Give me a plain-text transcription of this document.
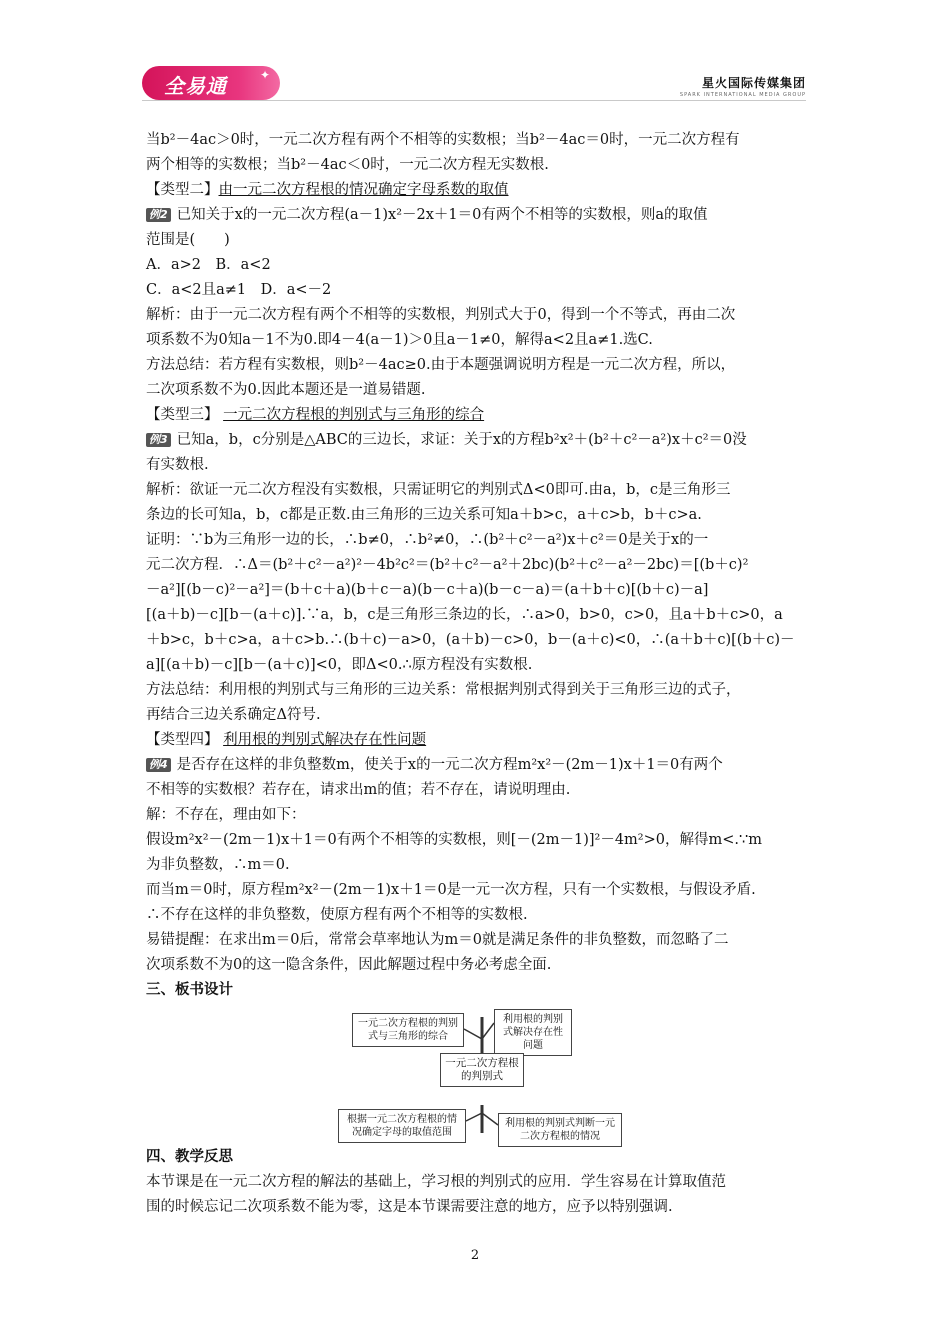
全易通	✦
星火国际传媒集团
SPARK INTERNATIONAL MEDIA GROUP

当b²－4ac＞0时，一元二次方程有两个不相等的实数根；当b²－4ac＝0时，一元二次方程有

两个相等的实数根；当b²－4ac＜0时，一元二次方程无实数根.

【类型二】由一元二次方程根的情况确定字母系数的取值

例2 已知关于x的一元二次方程(a－1)x²－2x＋1＝0有两个不相等的实数根，则a的取值

范围是(　　)

A．a>2　B．a<2

C．a<2且a≠1　D．a<－2

解析：由于一元二次方程有两个不相等的实数根，判别式大于0，得到一个不等式，再由二次

项系数不为0知a－1不为0.即4－4(a－1)＞0且a－1≠0，解得a<2且a≠1.选C.

方法总结：若方程有实数根，则b²－4ac≥0.由于本题强调说明方程是一元二次方程，所以，

二次项系数不为0.因此本题还是一道易错题.

【类型三】 一元二次方程根的判别式与三角形的综合

例3 已知a，b，c分别是△ABC的三边长，求证：关于x的方程b²x²＋(b²＋c²－a²)x＋c²＝0没

有实数根.

解析：欲证一元二次方程没有实数根，只需证明它的判别式Δ<0即可.由a，b，c是三角形三

条边的长可知a，b，c都是正数.由三角形的三边关系可知a＋b>c，a＋c>b，b＋c>a.

证明：∵b为三角形一边的长，∴b≠0，∴b²≠0，∴(b²＋c²－a²)x＋c²＝0是关于x的一

元二次方程．∴Δ＝(b²＋c²－a²)²－4b²c²＝(b²＋c²－a²＋2bc)(b²＋c²－a²－2bc)＝[(b＋c)²

－a²][(b－c)²－a²]＝(b＋c＋a)(b＋c－a)(b－c＋a)(b－c－a)＝(a＋b＋c)[(b＋c)－a]

[(a＋b)－c][b－(a＋c)].∵a，b，c是三角形三条边的长，∴a>0，b>0，c>0，且a＋b＋c>0，a

＋b>c，b＋c>a，a＋c>b.∴(b＋c)－a>0，(a＋b)－c>0，b－(a＋c)<0，∴(a＋b＋c)[(b＋c)－

a][(a＋b)－c][b－(a＋c)]<0，即Δ<0.∴原方程没有实数根.

方法总结：利用根的判别式与三角形的三边关系：常根据判别式得到关于三角形三边的式子，

再结合三边关系确定Δ符号.

【类型四】 利用根的判别式解决存在性问题

例4 是否存在这样的非负整数m，使关于x的一元二次方程m²x²－(2m－1)x＋1＝0有两个

不相等的实数根？若存在，请求出m的值；若不存在，请说明理由.

解：不存在，理由如下：

假设m²x²－(2m－1)x＋1＝0有两个不相等的实数根，则[－(2m－1)]²－4m²>0，解得m<.∵m

为非负整数，∴m＝0.

而当m＝0时，原方程m²x²－(2m－1)x＋1＝0是一元一次方程，只有一个实数根，与假设矛盾.

∴不存在这样的非负整数，使原方程有两个不相等的实数根.

易错提醒：在求出m＝0后，常常会草率地认为m＝0就是满足条件的非负整数，而忽略了二

次项系数不为0的这一隐含条件，因此解题过程中务必考虑全面.

三、板书设计

一元二次方程根的判别式与三角形的综合
利用根的判别式解决存在性问题
一元二次方程根的判别式
根据一元二次方程根的情况确定字母的取值范围
利用根的判别式判断一元二次方程根的情况

四、教学反思

本节课是在一元二次方程的解法的基础上，学习根的判别式的应用．学生容易在计算取值范

围的时候忘记二次项系数不能为零，这是本节课需要注意的地方，应予以特别强调.

2
